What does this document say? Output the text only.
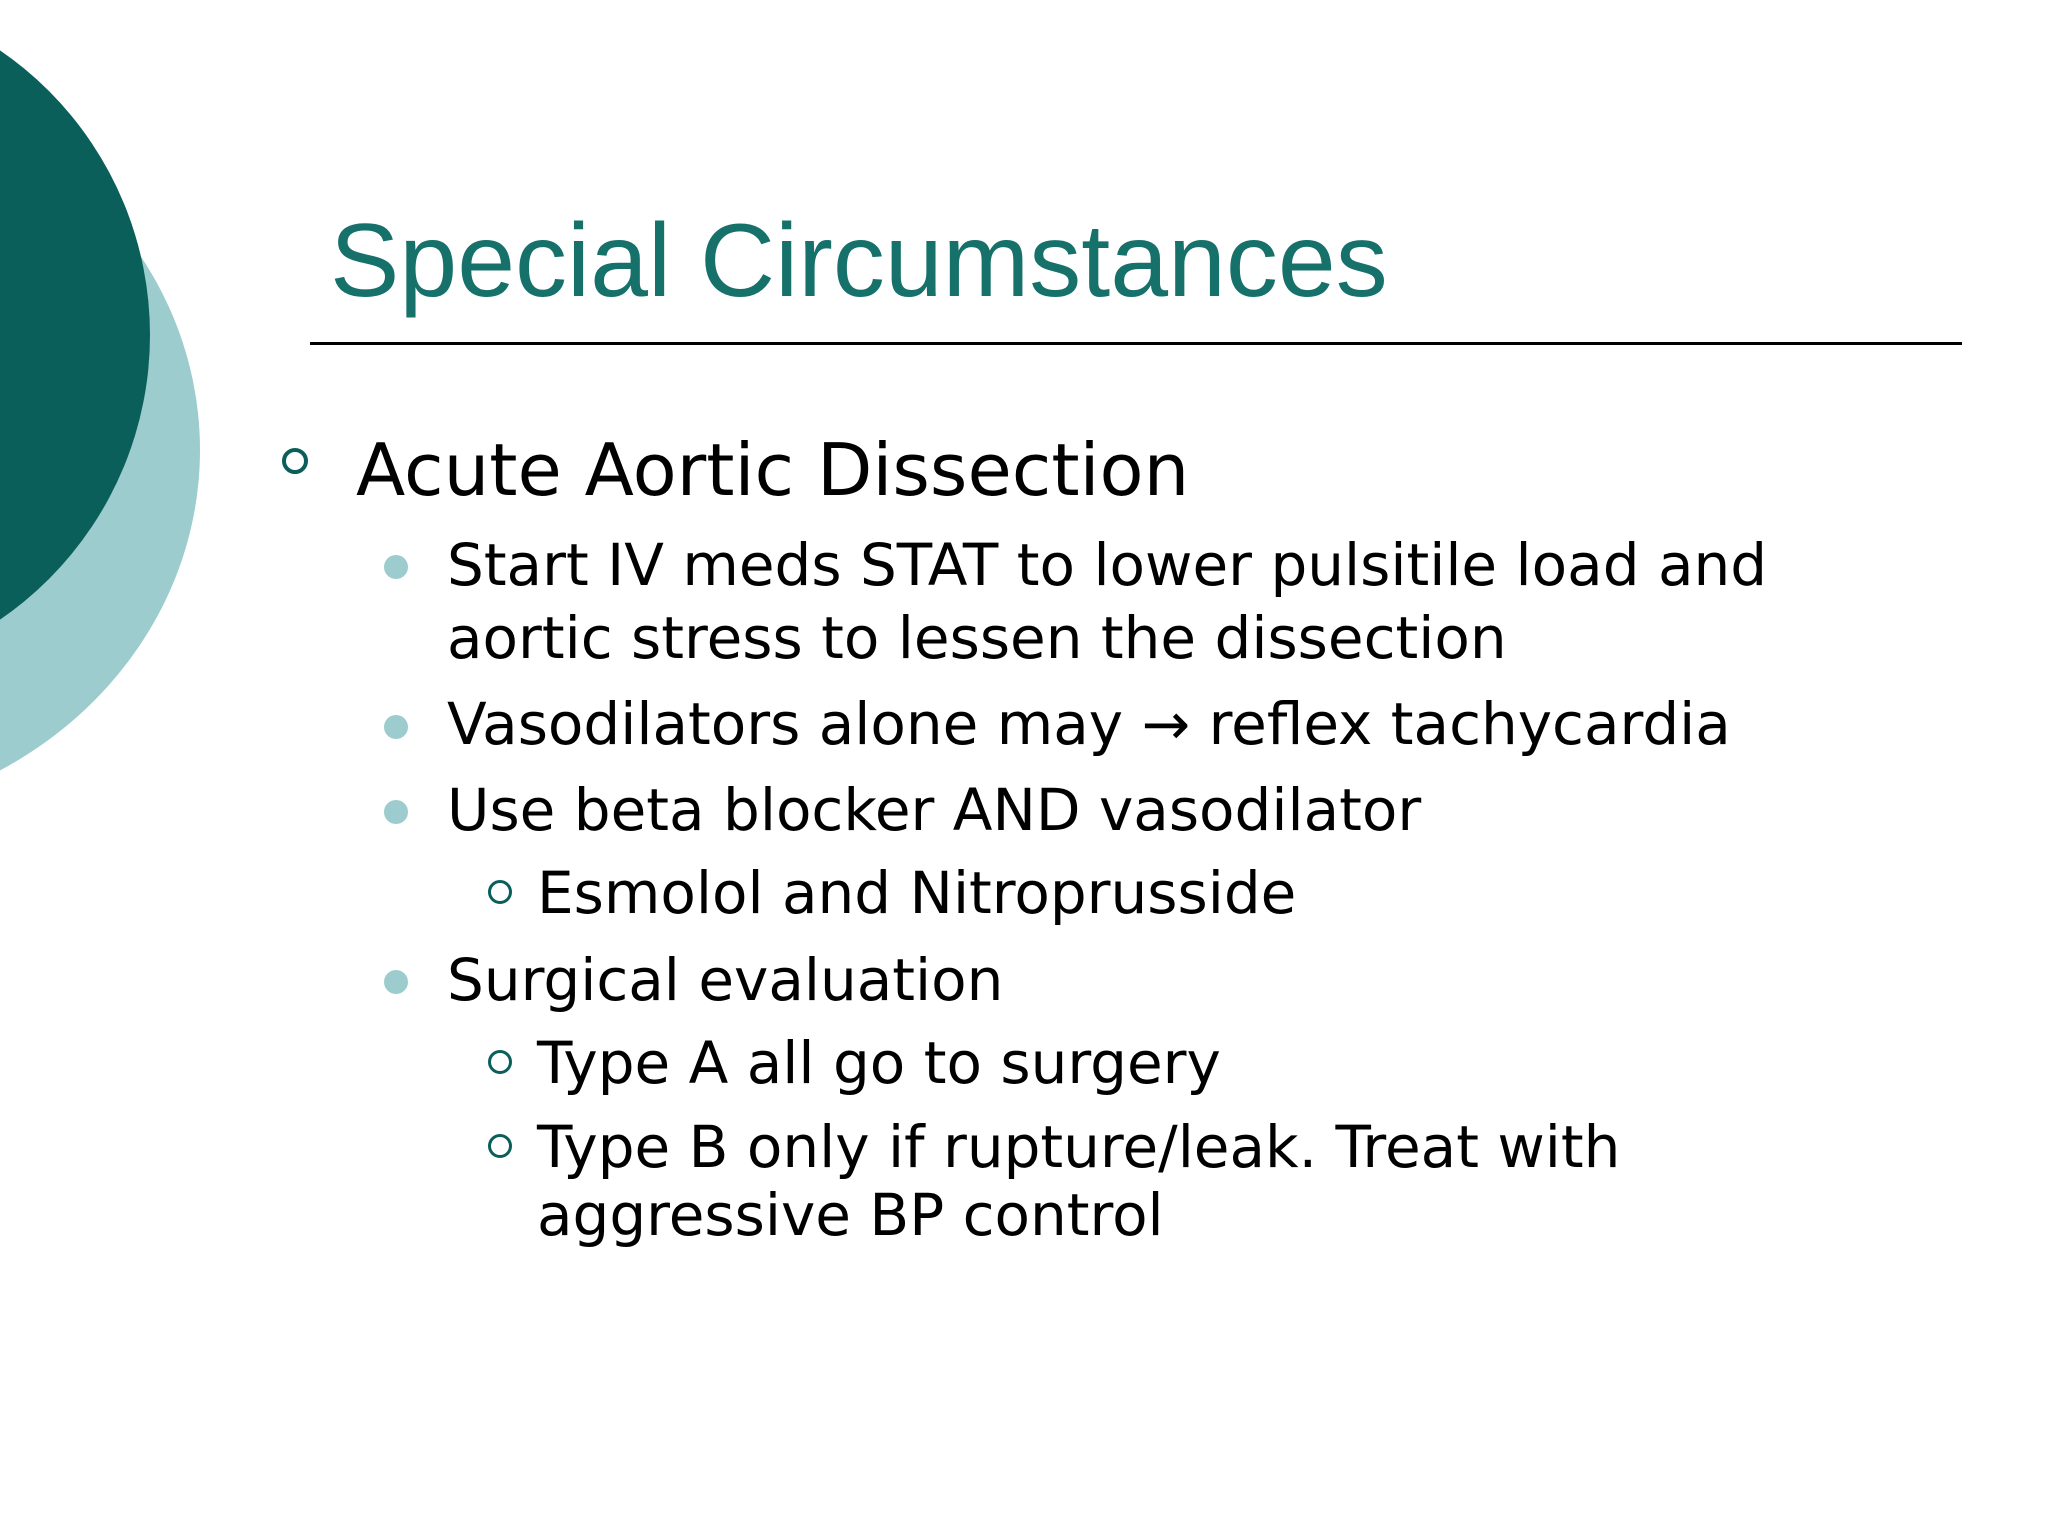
Special Circumstances
Acute Aortic Dissection
Start IV meds STAT to lower pulsitile load and
aortic stress to lessen the dissection
Vasodilators alone may → reflex tachycardia
Use beta blocker AND vasodilator
Esmolol and Nitroprusside
Surgical evaluation
Type A all go to surgery
Type B only if rupture/leak. Treat with
aggressive BP control
